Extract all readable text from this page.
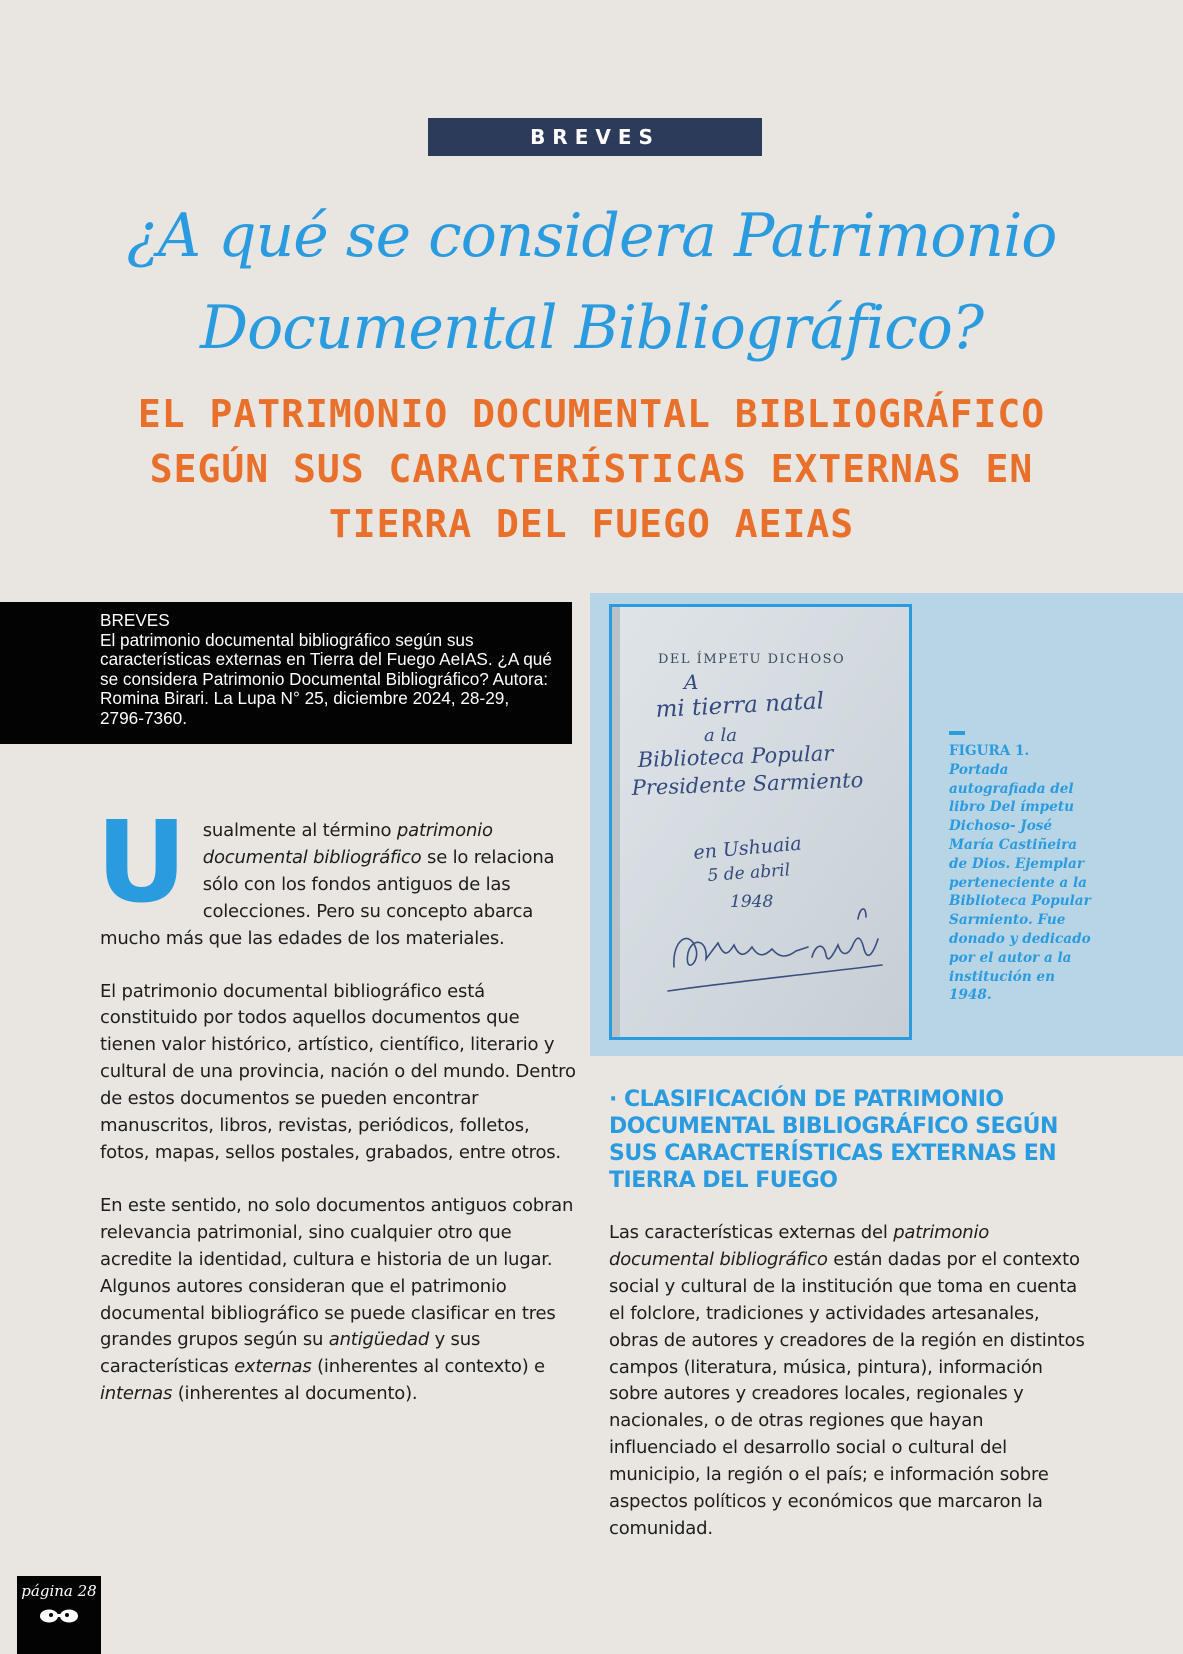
BREVES
¿A qué se considera Patrimonio
Documental Bibliográfico?
EL PATRIMONIO DOCUMENTAL BIBLIOGRÁFICO
SEGÚN SUS CARACTERÍSTICAS EXTERNAS EN
TIERRA DEL FUEGO AEIAS

BREVES

El patrimonio documental bibliográfico según sus características externas en Tierra del Fuego AeIAS. ¿A qué se considera Patrimonio Documental Bibliográfico? Autora: Romina Birari. La Lupa N° 25, diciembre 2024, 28-29, 2796-7360.

Usualmente al término patrimonio documental bibliográfico se lo relaciona sólo con los fondos antiguos de las colecciones. Pero su concepto abarca mucho más que las edades de los materiales.

El patrimonio documental bibliográfico está constituido por todos aquellos documentos que tienen valor histórico, artístico, científico, literario y cultural de una provincia, nación o del mundo. Dentro de estos documentos se pueden encontrar manuscritos, libros, revistas, periódicos, folletos, fotos, mapas, sellos postales, grabados, entre otros.

En este sentido, no solo documentos antiguos cobran relevancia patrimonial, sino cualquier otro que acredite la identidad, cultura e historia de un lugar. Algunos autores consideran que el patrimonio documental bibliográfico se puede clasificar en tres grandes grupos según su antigüedad y sus características externas (inherentes al contexto) e internas (inherentes al documento).

DEL ÍMPETU DICHOSO
A
mi tierra natal
a la
Biblioteca Popular
Presidente Sarmiento
en Ushuaia
5 de abril
1948

FIGURA 1.

Portada autografiada del libro Del ímpetu Dichoso- José María Castiñeira de Dios. Ejemplar perteneciente a la Biblioteca Popular Sarmiento. Fue donado y dedicado por el autor a la institución en 1948.

· CLASIFICACIÓN DE PATRIMONIO DOCUMENTAL BIBLIOGRÁFICO SEGÚN SUS CARACTERÍSTICAS EXTERNAS EN TIERRA DEL FUEGO

Las características externas del patrimonio documental bibliográfico están dadas por el contexto social y cultural de la institución que toma en cuenta el folclore, tradiciones y actividades artesanales, obras de autores y creadores de la región en distintos campos (literatura, música, pintura), información sobre autores y creadores locales, regionales y nacionales, o de otras regiones que hayan influenciado el desarrollo social o cultural del municipio, la región o el país; e información sobre aspectos políticos y económicos que marcaron la comunidad.

página 28
